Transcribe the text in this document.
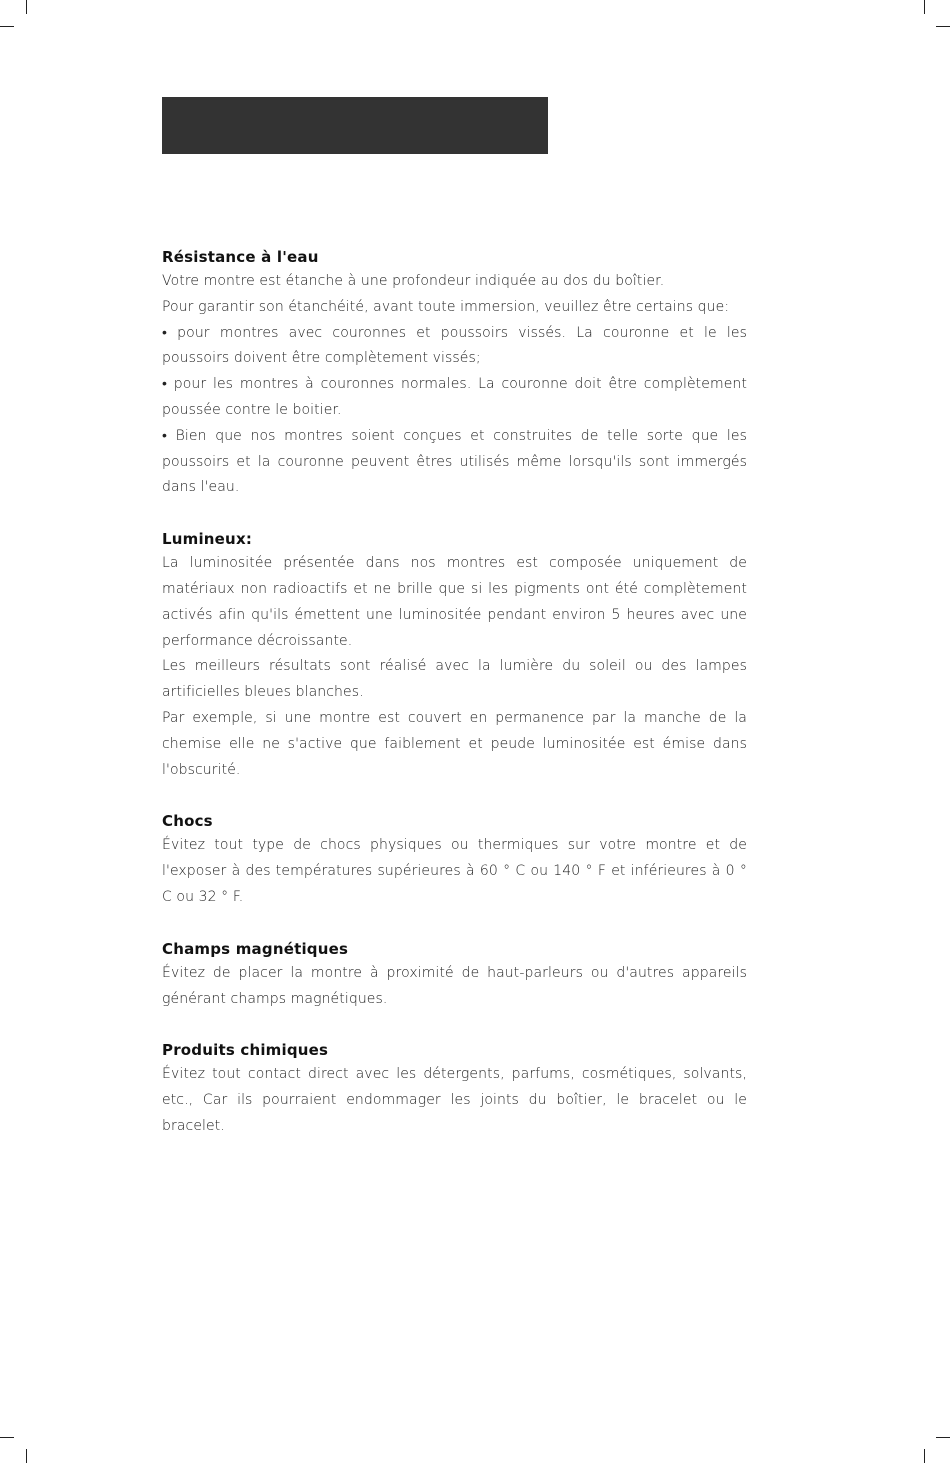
Résistance à l'eau

Votre montre est étanche à une profondeur indiquée au dos du boîtier.

Pour garantir son étanchéité, avant toute immersion, veuillez être certains que:

• pour montres avec couronnes et poussoirs vissés. La couronne et le les poussoirs doivent être complètement vissés;

• pour les montres à couronnes normales. La couronne doit être complètement poussée contre le boitier.

• Bien que nos montres soient conçues et construites de telle sorte que les poussoirs et la couronne peuvent êtres utilisés même lorsqu'ils sont immergés dans l'eau.

Lumineux:

La luminositée présentée dans nos montres est composée uniquement de matériaux non radioactifs et ne brille que si les pigments ont été complètement activés afin qu'ils émettent une luminositée pendant environ 5 heures avec une performance décroissante.

Les meilleurs résultats sont réalisé avec la lumière du soleil ou des lampes artificielles bleues blanches.

Par exemple, si une montre est couvert en permanence par la manche de la chemise elle ne s'active que faiblement et peude luminositée est émise dans l'obscurité.

Chocs

Évitez tout type de chocs physiques ou thermiques sur votre montre et de l'exposer à des températures supérieures à 60 ° C ou 140 ° F et inférieures à 0 ° C ou 32 ° F.

Champs magnétiques

Évitez de placer la montre à proximité de haut-parleurs ou d'autres appareils générant champs magnétiques.

Produits chimiques

Évitez tout contact direct avec les détergents, parfums, cosmétiques, solvants, etc., Car ils pourraient endommager les joints du boîtier, le bracelet ou le bracelet.
